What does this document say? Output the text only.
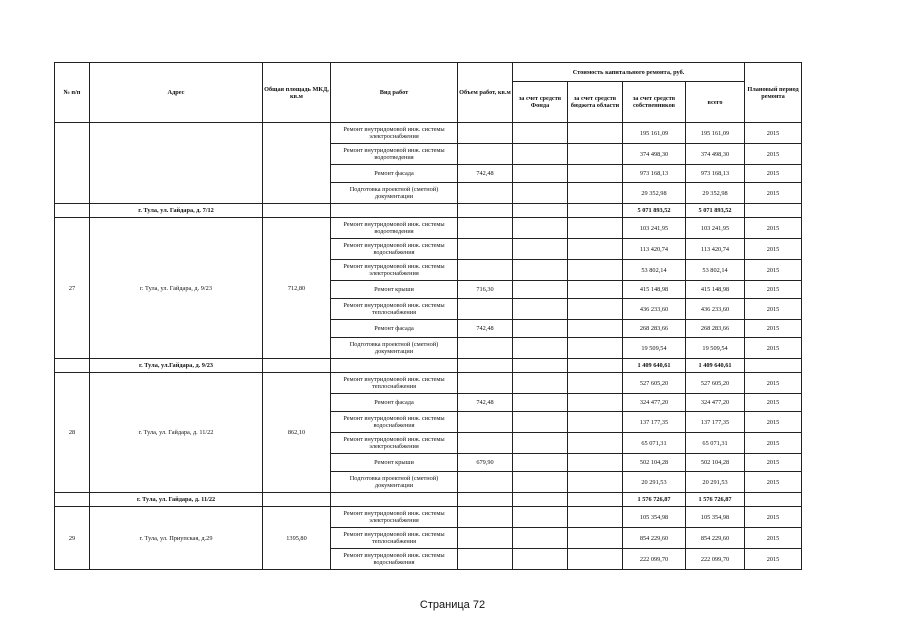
№ п/п	Адрес	Общая площадь МКД, кв.м	Вид работ	Объем работ, кв.м	Стоимость капитального ремонта, руб.				Плановый период ремонта
					за счет средств Фонда	за счет средств бюджета области	за счет средств собственников	всего	
			Ремонт внутридомовой инж. системы электроснабжения				195 161,09	195 161,09	2015
			Ремонт внутридомовой инж. системы водоотведения				374 498,30	374 498,30	2015
			Ремонт фасада	742,48			973 168,13	973 168,13	2015
			Подготовка проектной (сметной) документации				29 352,98	29 352,98	2015
	г. Тула, ул. Гайдара, д. 7/12						5 071 893,52	5 071 893,52	
27	г. Тула, ул. Гайдара, д. 9/23	712,80	Ремонт внутридомовой инж. системы водоотведения				103 241,95	103 241,95	2015
			Ремонт внутридомовой инж. системы водоснабжения				113 420,74	113 420,74	2015
			Ремонт внутридомовой инж. системы электроснабжения				53 802,14	53 802,14	2015
			Ремонт крыши	716,30			415 148,98	415 148,98	2015
			Ремонт внутридомовой инж. системы теплоснабжения				436 233,60	436 233,60	2015
			Ремонт фасада	742,48			268 283,66	268 283,66	2015
			Подготовка проектной (сметной) документации				19 509,54	19 509,54	2015
	г. Тула, ул.Гайдара, д. 9/23						1 409 640,61	1 409 640,61	
28	г. Тула, ул. Гайдара, д. 11/22	862,10	Ремонт внутридомовой инж. системы теплоснабжения				527 605,20	527 605,20	2015
			Ремонт фасада	742,48			324 477,20	324 477,20	2015
			Ремонт внутридомовой инж. системы водоснабжения				137 177,35	137 177,35	2015
			Ремонт внутридомовой инж. системы электроснабжения				65 071,31	65 071,31	2015
			Ремонт крыши	679,90			502 104,28	502 104,28	2015
			Подготовка проектной (сметной) документации				20 291,53	20 291,53	2015
	г. Тула, ул. Гайдара, д. 11/22						1 576 726,87	1 576 726,87	
29	г. Тула, ул. Приупская, д.29	1395,80	Ремонт внутридомовой инж. системы электроснабжения				105 354,98	105 354,98	2015
			Ремонт внутридомовой инж. системы теплоснабжения				854 229,60	854 229,60	2015
			Ремонт внутридомовой инж. системы водоснабжения				222 099,70	222 099,70	2015
Страница 72
